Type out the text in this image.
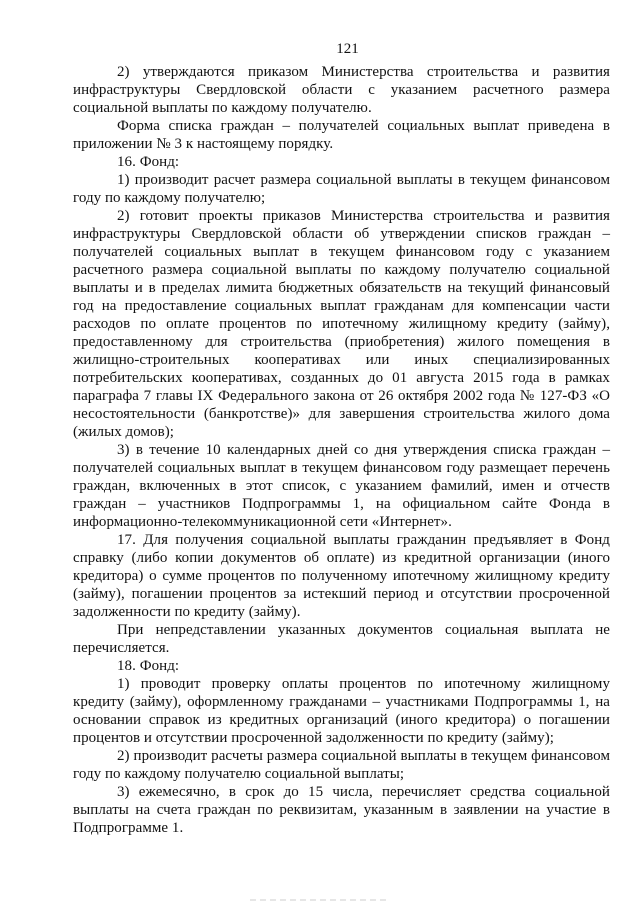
121

2) утверждаются приказом Министерства строительства и развития инфраструктуры Свердловской области с указанием расчетного размера социальной выплаты по каждому получателю.

Форма списка граждан – получателей социальных выплат приведена в приложении № 3 к настоящему порядку.

16. Фонд:

1) производит расчет размера социальной выплаты в текущем финансовом году по каждому получателю;

2) готовит проекты приказов Министерства строительства и развития инфраструктуры Свердловской области об утверждении списков граждан – получателей социальных выплат в текущем финансовом году с указанием расчетного размера социальной выплаты по каждому получателю социальной выплаты и в пределах лимита бюджетных обязательств на текущий финансовый год на предоставление социальных выплат гражданам для компенсации части расходов по оплате процентов по ипотечному жилищному кредиту (займу), предоставленному для строительства (приобретения) жилого помещения в жилищно-строительных кооперативах или иных специализированных потребительских кооперативах, созданных до 01 августа 2015 года в рамках параграфа 7 главы IX Федерального закона от 26 октября 2002 года № 127-ФЗ «О несостоятельности (банкротстве)» для завершения строительства жилого дома (жилых домов);

3) в течение 10 календарных дней со дня утверждения списка граждан – получателей социальных выплат в текущем финансовом году размещает перечень граждан, включенных в этот список, с указанием фамилий, имен и отчеств граждан – участников Подпрограммы 1, на официальном сайте Фонда в информационно-телекоммуникационной сети «Интернет».

17. Для получения социальной выплаты гражданин предъявляет в Фонд справку (либо копии документов об оплате) из кредитной организации (иного кредитора) о сумме процентов по полученному ипотечному жилищному кредиту (займу), погашении процентов за истекший период и отсутствии просроченной задолженности по кредиту (займу).

При непредставлении указанных документов социальная выплата не перечисляется.

18. Фонд:

1) проводит проверку оплаты процентов по ипотечному жилищному кредиту (займу), оформленному гражданами – участниками Подпрограммы 1, на основании справок из кредитных организаций (иного кредитора) о погашении процентов и отсутствии просроченной задолженности по кредиту (займу);

2) производит расчеты размера социальной выплаты в текущем финансовом году по каждому получателю социальной выплаты;

3) ежемесячно, в срок до 15 числа, перечисляет средства социальной выплаты на счета граждан по реквизитам, указанным в заявлении на участие в Подпрограмме 1.
